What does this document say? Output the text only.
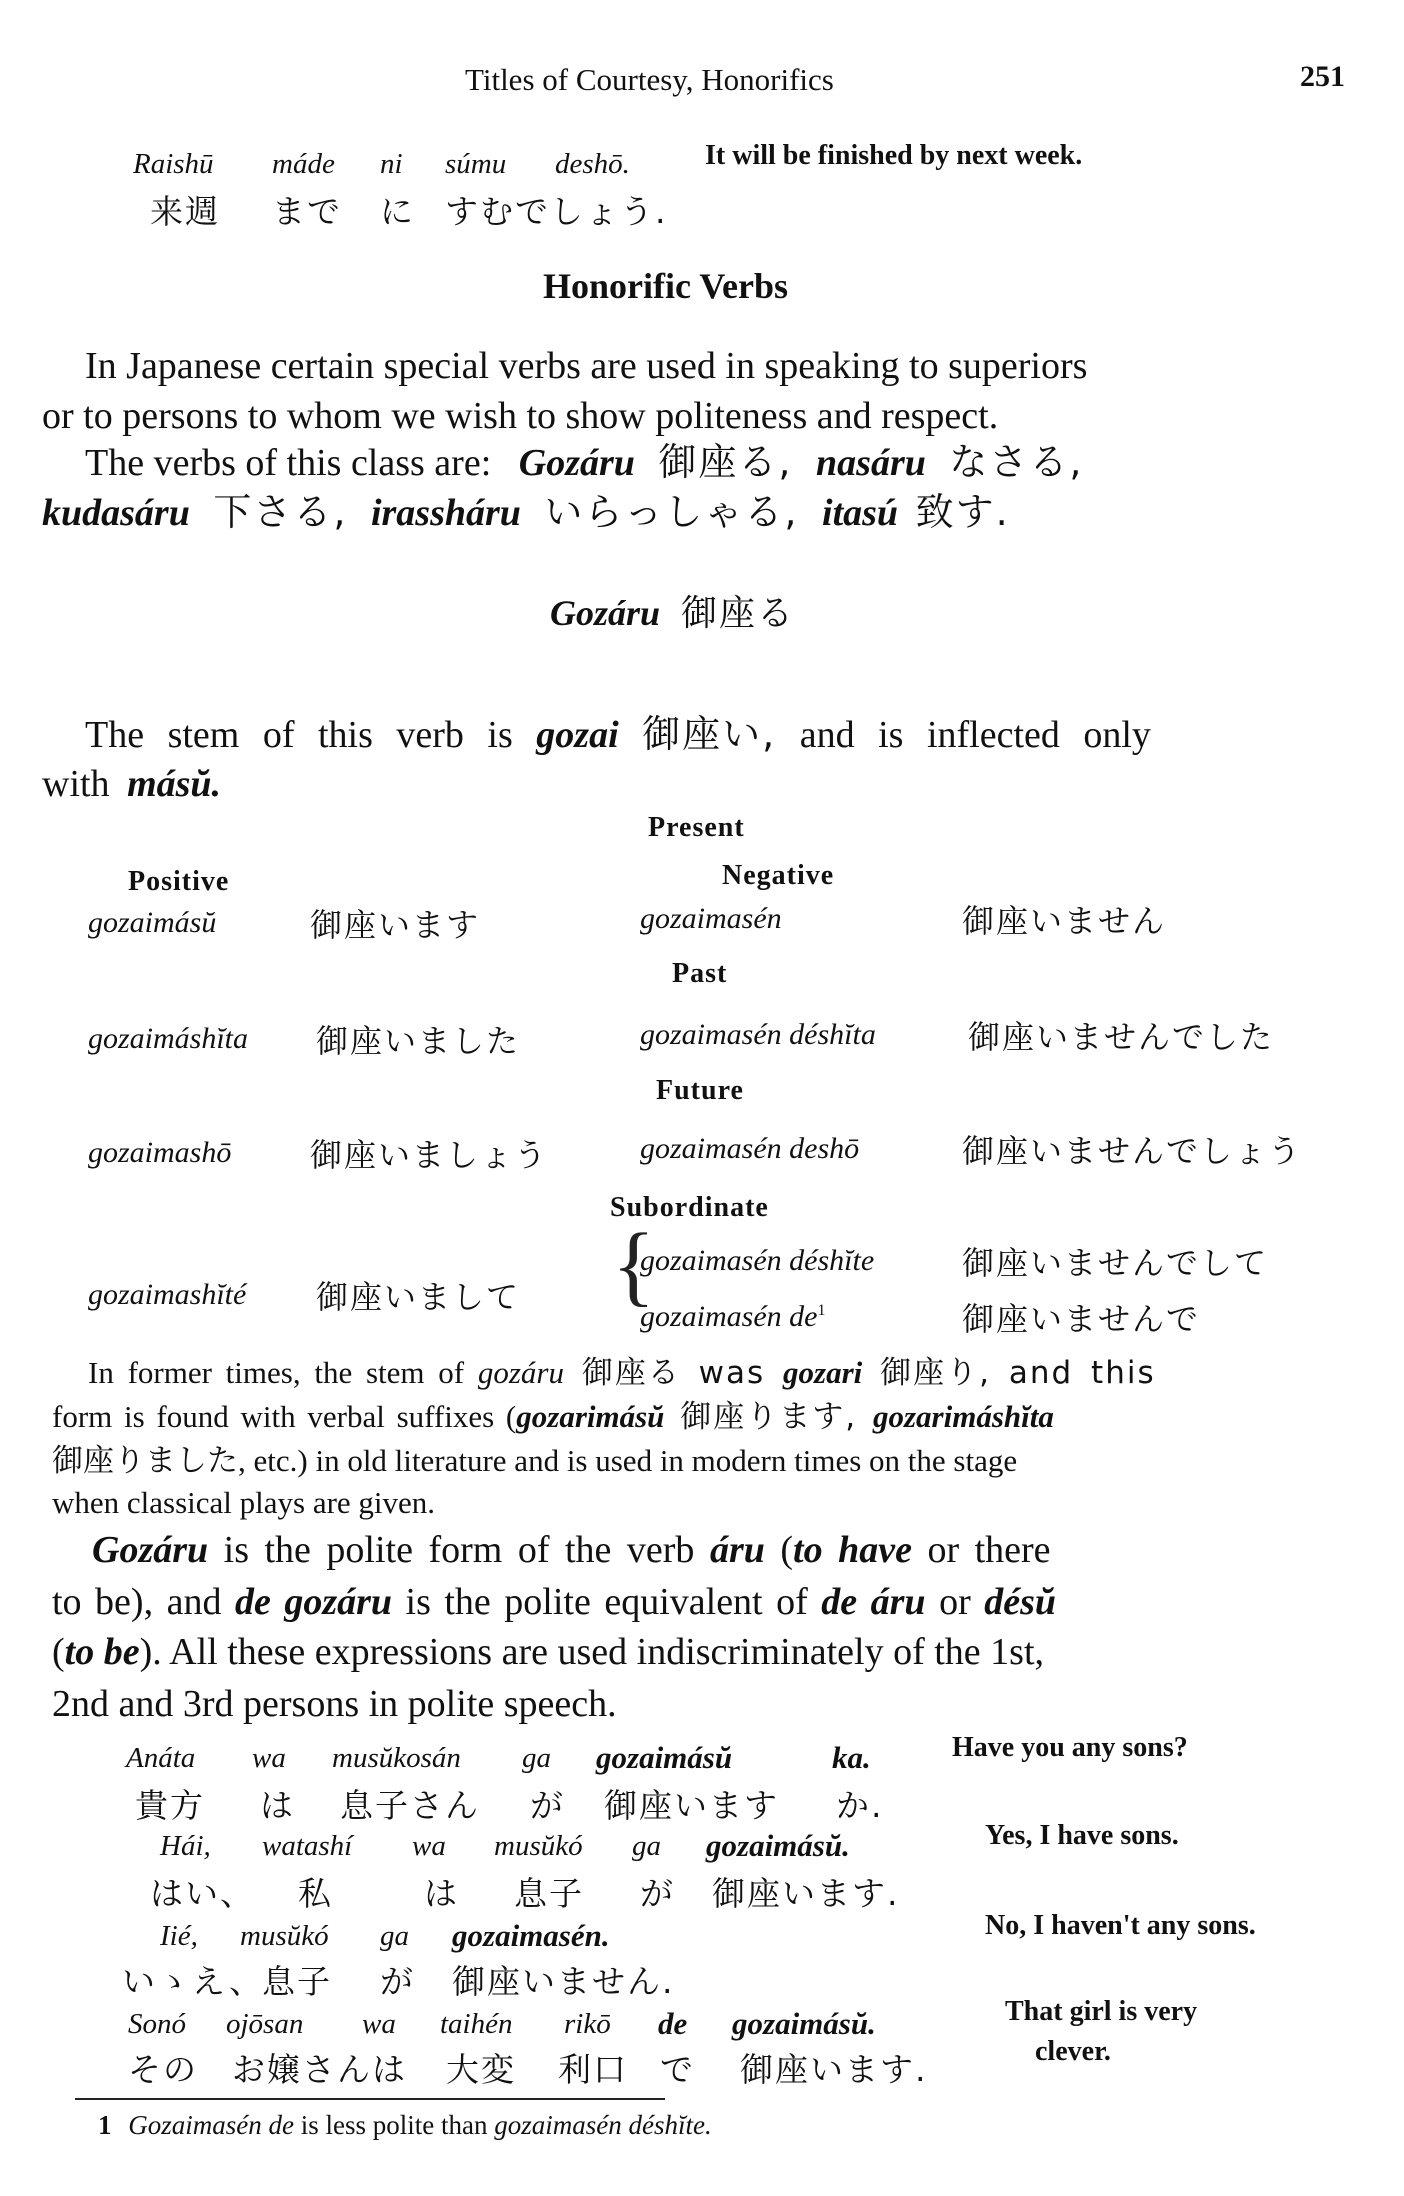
Titles of Courtesy, Honorifics	251
Raishū máde ni súmu deshō.	It will be finished by next week.
来週 まで に すむでしょう.
Honorific Verbs
In Japanese certain special verbs are used in speaking to superiors
or to persons to whom we wish to show politeness and respect.
The verbs of this class are: Gozáru 御座る, nasáru なさる,
kudasáru 下さる, irassháru いらっしゃる, itasú 致す.
Gozáru 御座る
The stem of this verb is gozai 御座い, and is inflected only
with másŭ.
Present
Positive	Negative
gozaimásŭ	御座います	gozaimasén	御座いません
Past
gozaimáshĭta 御座いました	gozaimasén déshĭta	御座いませんでした
Future
gozaimashō 御座いましょう	gozaimasén deshō	御座いませんでしょう
Subordinate
gozaimashĭté 御座いまして {
gozaimasén déshĭte	御座いませんでして
gozaimasén $de^1$	御座いませんで
In former times, the stem of gozáru 御座る was gozari 御座り, and this
form is found with verbal suffixes (gozarimásŭ 御座ります, gozarimáshĭta
御座りました, etc.) in old literature and is used in modern times on the stage
when classical plays are given.
Gozáru is the polite form of the verb áru (to have or there
to be), and de gozáru is the polite equivalent of de áru or désŭ
(to be). All these expressions are used indiscriminately of the 1st,
2nd and 3rd persons in polite speech.
Anáta wa musŭkosán ga gozaimásŭ	ka.	Have you any sons?
貴方 は 息子さん が 御座います か.
Hái, watashí wa musŭkó ga gozaimásŭ.	Yes, I have sons.
はい、 私	は 息子 が 御座います.
Iié, musŭkó ga gozaimasén.	No, I haven't any sons.
いゝえ、
息子 が 御座いません.
Sonó ojōsan wa taihén rikō de gozaimásŭ.	That girl is very
clever.
その お嬢さんは 大変 利口 で 御座います.
1 Gozaimasén de is less polite than gozaimasén déshĭte.
